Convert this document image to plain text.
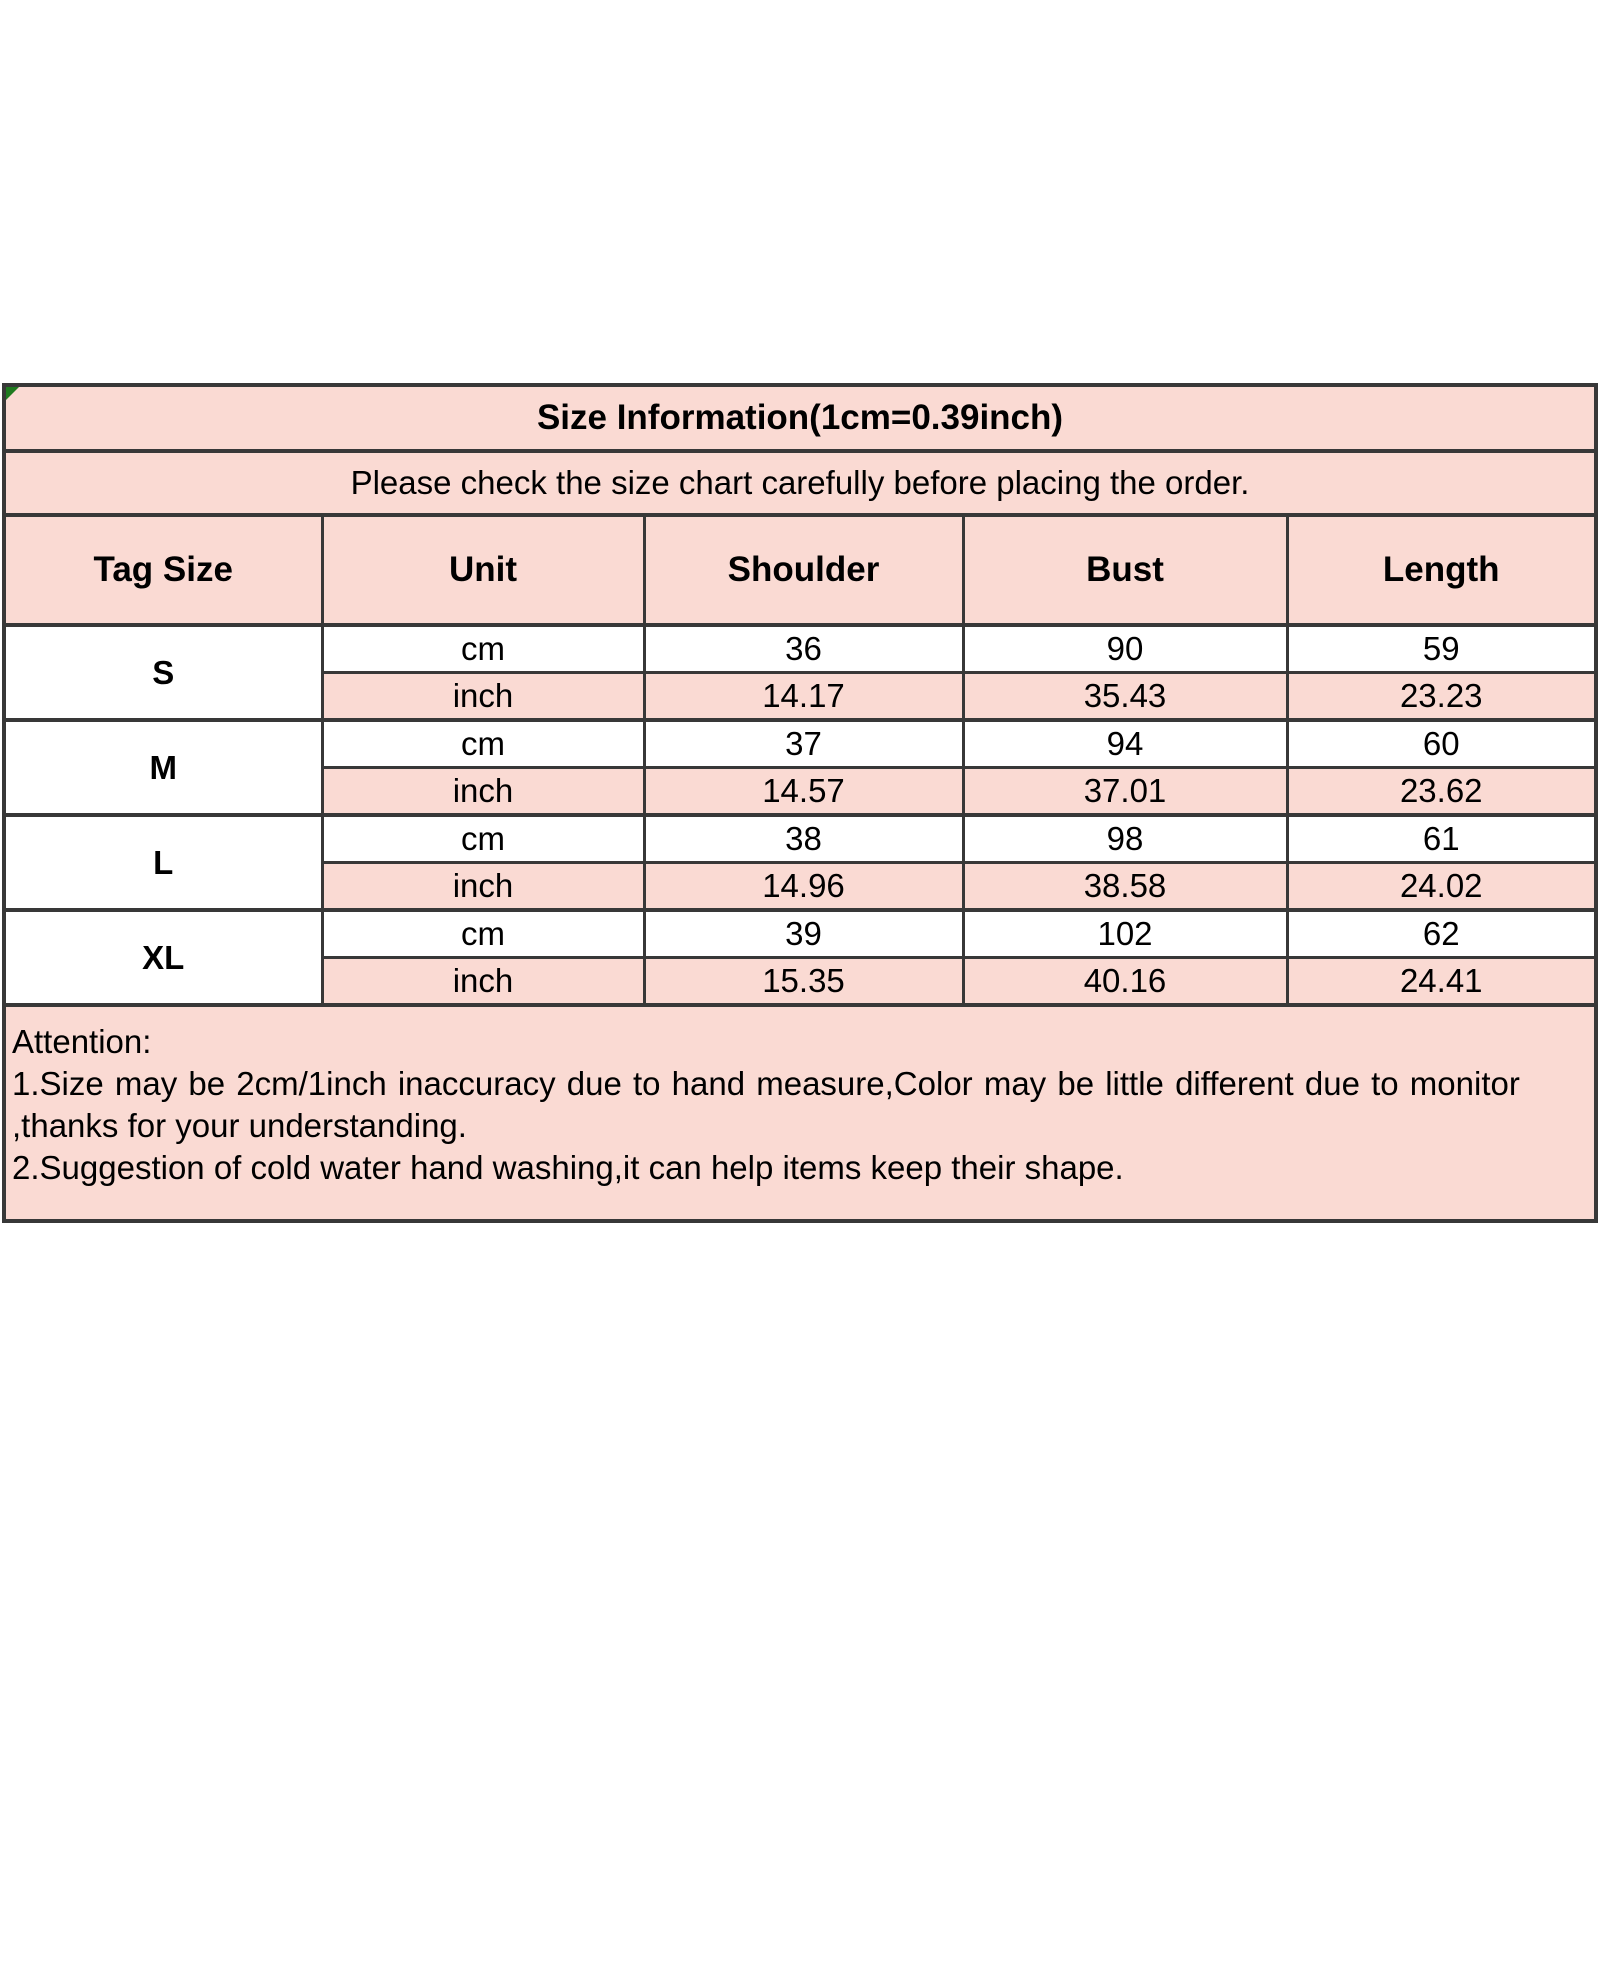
Size Information(1cm=0.39inch)				
Please check the size chart carefully before placing the order.				
Tag Size	Unit	Shoulder	Bust	Length
S	cm	36	90	59
	inch	14.17	35.43	23.23
M	cm	37	94	60
	inch	14.57	37.01	23.62
L	cm	38	98	61
	inch	14.96	38.58	24.02
XL	cm	39	102	62
	inch	15.35	40.16	24.41

Attention:
1.Size may be 2cm/1inch inaccuracy due to hand measure,Color may be little different due to monitor
,thanks for your understanding.
2.Suggestion of cold water hand washing,it can help items keep their shape.				
